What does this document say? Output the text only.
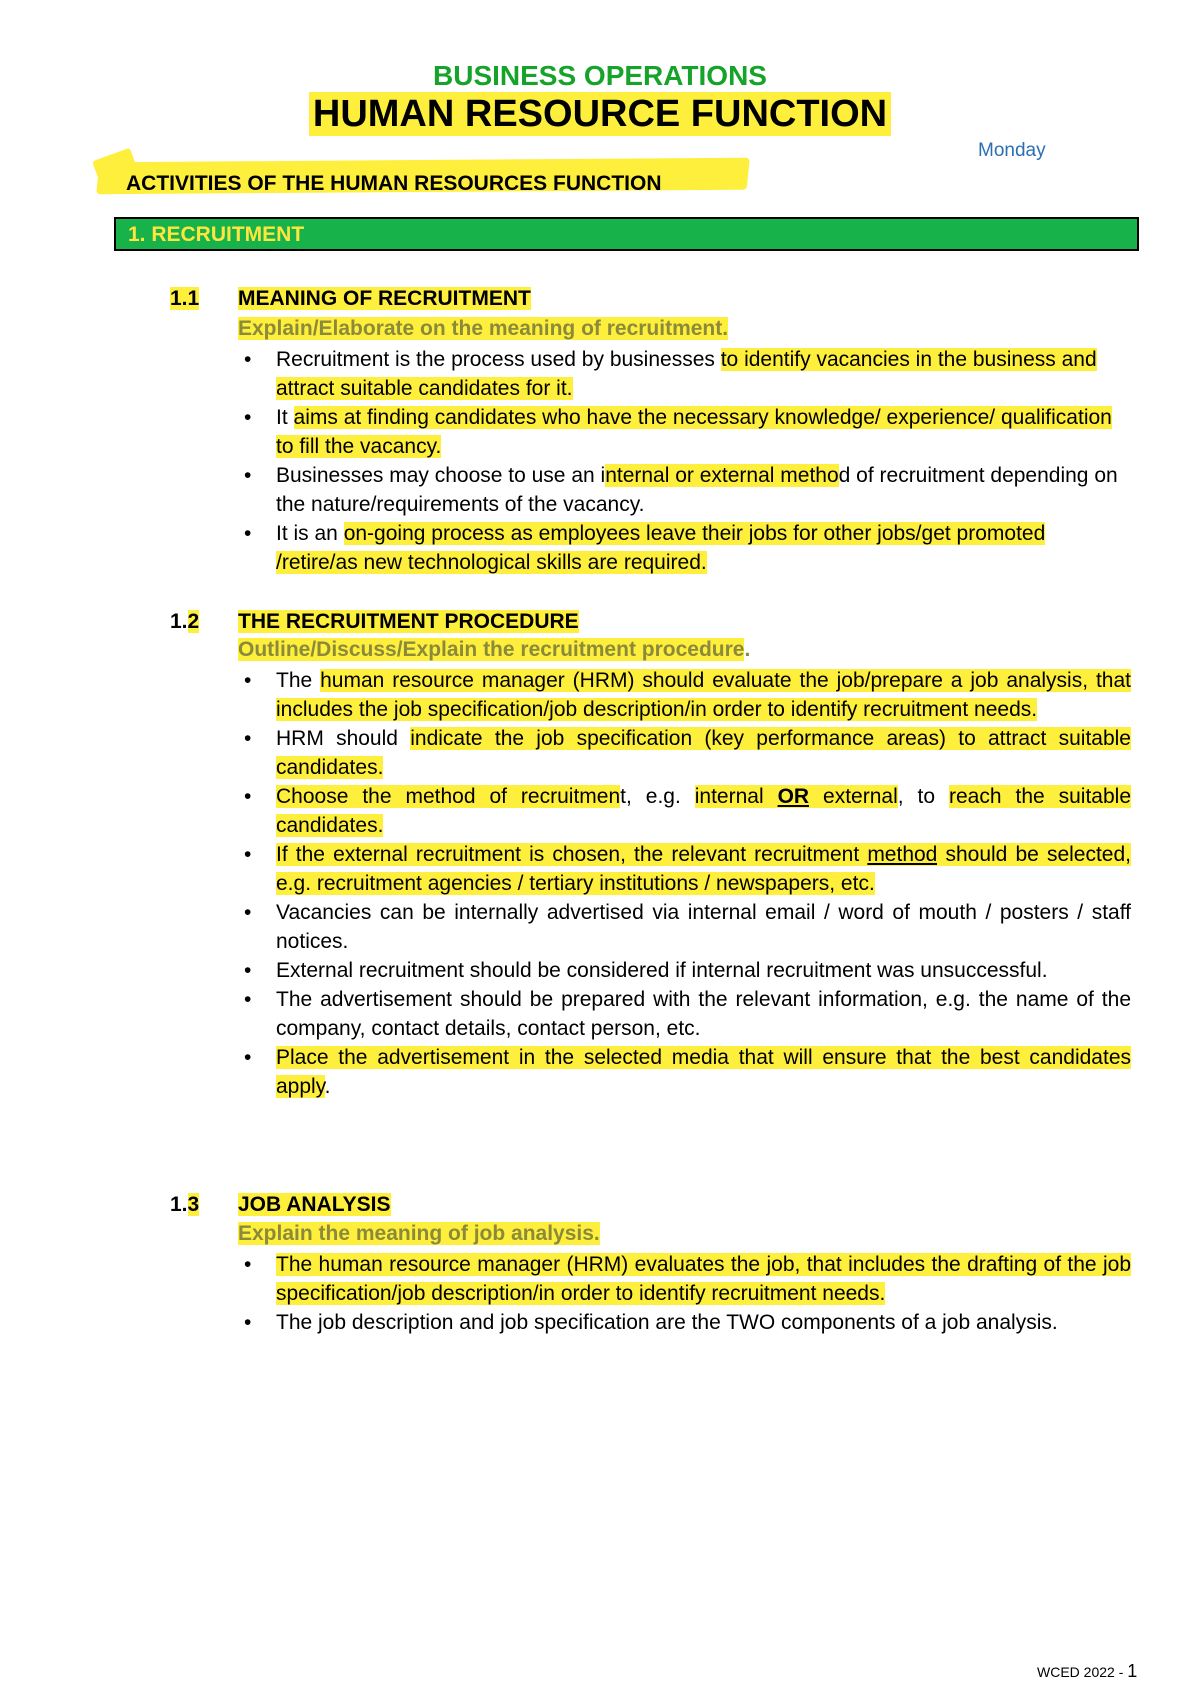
BUSINESS OPERATIONS
HUMAN RESOURCE FUNCTION
Monday
ACTIVITIES OF THE HUMAN RESOURCES FUNCTION
1. RECRUITMENT
1.1 MEANING OF RECRUITMENT
Explain/Elaborate on the meaning of recruitment.
• Recruitment is the process used by businesses to identify vacancies in the business and attract suitable candidates for it.
• It aims at finding candidates who have the necessary knowledge/ experience/ qualification to fill the vacancy.
• Businesses may choose to use an internal or external method of recruitment depending on the nature/requirements of the vacancy.
• It is an on-going process as employees leave their jobs for other jobs/get promoted /retire/as new technological skills are required.
1.2 THE RECRUITMENT PROCEDURE
Outline/Discuss/Explain the recruitment procedure.
• The human resource manager (HRM) should evaluate the job/prepare a job analysis, that includes the job specification/job description/in order to identify recruitment needs.
• HRM should indicate the job specification (key performance areas) to attract suitable candidates.
• Choose the method of recruitment, e.g. internal OR external, to reach the suitable candidates.
• If the external recruitment is chosen, the relevant recruitment method should be selected, e.g. recruitment agencies / tertiary institutions / newspapers, etc.
• Vacancies can be internally advertised via internal email / word of mouth / posters / staff notices.
• External recruitment should be considered if internal recruitment was unsuccessful.
• The advertisement should be prepared with the relevant information, e.g. the name of the company, contact details, contact person, etc.
• Place the advertisement in the selected media that will ensure that the best candidates apply.
1.3 JOB ANALYSIS
Explain the meaning of job analysis.
• The human resource manager (HRM) evaluates the job, that includes the drafting of the job specification/job description/in order to identify recruitment needs.
• The job description and job specification are the TWO components of a job analysis.
WCED 2022 - 1
